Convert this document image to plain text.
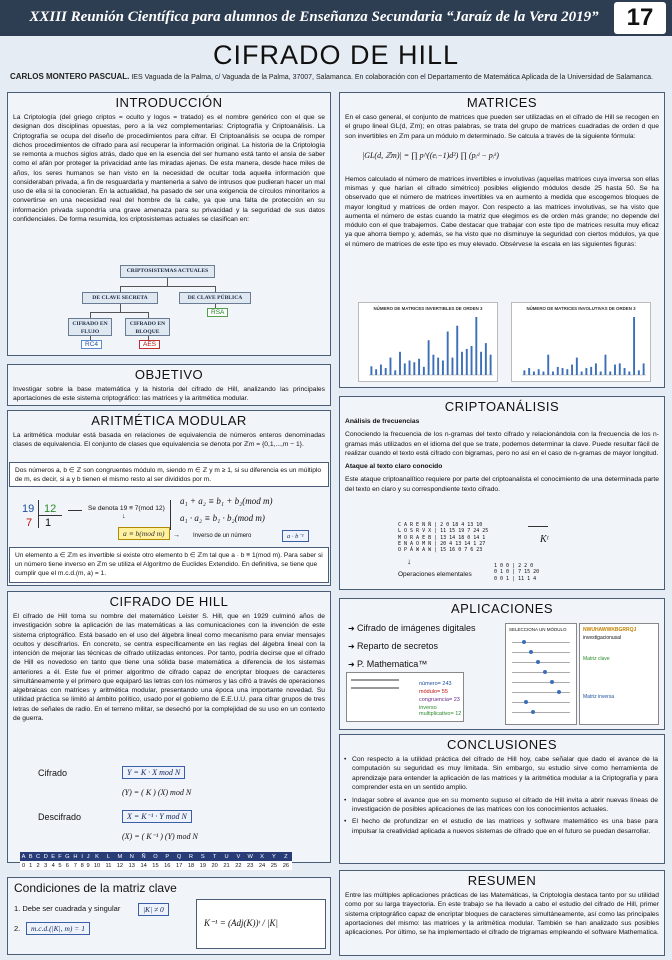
XXIII Reunión Científica para alumnos de Enseñanza Secundaria “Jaraíz de la Vera 2019”	17
CIFRADO DE HILL
CARLOS MONTERO PASCUAL. IES Vaguada de la Palma, c/ Vaguada de la Palma, 37007, Salamanca. En colaboración con el Departamento de Matemática Aplicada de la Universidad de Salamanca.
INTRODUCCIÓN
La Criptología (del griego criptos = oculto y logos = tratado) es el nombre genérico con el que se designan dos disciplinas opuestas, pero a la vez complementarias: Criptografía y Criptoanálisis. La Criptografía se ocupa del diseño de procedimientos para cifrar. El Criptoanálisis se ocupa de romper dichos procedimientos de cifrado para así recuperar la información original. La historia de la Criptología se remonta a muchos siglos atrás, dado que en la esencia del ser humano está tanto el ansia de saber como el afán por proteger la privacidad ante las miradas ajenas. De esta manera, desde hace miles de años, los seres humanos se han visto en la necesidad de ocultar toda aquella información que consideraban privada, a fin de resguardarla y mantenerla a salvo de intrusos que pudieran hacer un mal uso de ella si la conocieran. En la actualidad, ha pasado de ser una exigencia de círculos minoritarios a convertirse en una necesidad real del hombre de la calle, ya que una falta de protección en su información privada supondría una grave amenaza para su privacidad y la seguridad de sus datos confidenciales. De forma resumida, los criptosistemas actuales se clasifican en:
CRIPTOSISTEMAS ACTUALES
DE CLAVE SECRETA	DE CLAVE PÚBLICA
CIFRADO EN FLUJO
CIFRADO EN BLOQUE
RC4	AES
RSA
OBJETIVO
Investigar sobre la base matemática y la historia del cifrado de Hill, analizando las principales aportaciones de este sistema criptográfico: las matrices y la aritmética modular.
ARITMÉTICA MODULAR
La aritmética modular está basada en relaciones de equivalencia de números enteros denominadas clases de equivalencia. El conjunto de clases que equivalencia se denota por ℤm = {0,1,...,m − 1}.
Dos números a, b ∈ ℤ son congruentes módulo m, siendo m ∈ ℤ y m ≥ 1, si su diferencia es un múltiplo de m, es decir, si a y b tienen el mismo resto al ser divididos por m.
19 12
7 1
Se denota 19 ≡ 7(mod 12)
↓
a ≡ b(mod m)
a₁ + a₂ ≡ b₁ + b₂(mod m)
a₁ · a₂ ≡ b₁ · b₂(mod m)
→ Inverso de un número	a · b⁻¹
Un elemento a ∈ ℤm es invertible si existe otro elemento b ∈ ℤm tal que a · b ≡ 1(mod m). Para saber si un número tiene inverso en ℤm se utiliza el Algoritmo de Euclides Extendido. En definitiva, se tiene que cumplir que el m.c.d.(m, a) = 1.
CIFRADO DE HILL
El cifrado de Hill toma su nombre del matemático Leister S. Hill, que en 1929 culminó años de investigación sobre la aplicación de las matemáticas a las comunicaciones con la invención de este sistema criptográfico. Está basado en el uso del álgebra lineal como mecanismo para enviar mensajes ocultos y descifrarlos. En concreto, se centra específicamente en las reglas del álgebra lineal con la intención de mejorar las técnicas de cifrado utilizadas entonces. Por tanto, podría decirse que el cifrado de Hill es novedoso en tanto que tiene una sólida base matemática a diferencia de los sistemas anteriores a él. Este fue el primer algoritmo de cifrado capaz de encriptar bloques de caracteres simultáneamente y el primero que equiparó las letras con los números y las cifró a través de operaciones algebraicas con matrices y aritmética modular, presentando una época una importante novedad. Su utilidad práctica se limitó al ámbito político, usado por el gobierno de E.E.U.U. para cifrar grupos de tres letras de señales de radio. En el terreno militar, se desechó por la complejidad de su uso en un contexto de guerra.
Cifrado	Y = K · X mod N
(Y) = ( K ) (X) mod N
Descifrado	X = K⁻¹ · Y mod N
(X) = ( K⁻¹ ) (Y) mod N
A	B	C	D	E	F	G	H	I	J	K	L	M	N	Ñ	O	P	Q	R	S	T	U	V	W	X	Y	Z
0	1	2	3	4	5	6	7	8	9	10	11	12	13	14	15	16	17	18	19	20	21	22	23	24	25	26
Condiciones de la matriz clave
1. Debe ser cuadrada y singular	|K| ≠ 0
2.	m.c.d.(|K|, m) = 1
K⁻¹ = (Adj(K))ᵗ / |K|
MATRICES
En el caso general, el conjunto de matrices que pueden ser utilizadas en el cifrado de Hill se recogen en el grupo lineal GL(d, ℤm); en otras palabras, se trata del grupo de matrices cuadradas de orden d que son invertibles en ℤm para un módulo m determinado. Se calcula a través de la siguiente fórmula:
|GL(d, ℤm)| = ∏ p^((eᵢ−1)d²) ∏ (pᵢᵈ − pᵢᵏ)
Hemos calculado el número de matrices invertibles e involutivas (aquellas matrices cuya inversa son ellas mismas y que harían el cifrado simétrico) posibles eligiendo módulos desde 25 hasta 50. Se ha observado que el número de matrices invertibles va en aumento a medida que escogemos bloques de mayor longitud y matrices de orden mayor. Con respecto a las matrices involutivas, se ha visto que aumenta el número de estas cuando la matriz que elegimos es de orden más grande; no depende del módulo con el que trabajemos. Cabe destacar que trabajar con este tipo de matrices resulta muy eficaz ya que ahorra tiempo y, además, se ha visto que no disminuye la seguridad con ciertos módulos, ya que el número de matrices de este tipo es muy elevado. Obsérvese la escala en las siguientes figuras:
NÚMERO DE MATRICES INVERTIBLES DE ORDEN 3	NÚMERO DE MATRICES INVOLUTIVAS DE ORDEN 3
CRIPTOANÁLISIS
Análisis de frecuencias
Conociendo la frecuencia de los n-gramas del texto cifrado y relacionándola con la frecuencia de los n-gramas más utilizados en el idioma del que se trate, podemos determinar la clave. Puede resultar fácil de realizar cuando el texto está cifrado con bigramas, pero no así en el caso de n-gramas de mayor longitud.
Ataque al texto claro conocido
Este ataque criptoanalítico requiere por parte del criptoanalista el conocimiento de una determinada parte del texto en claro y su correspondiente texto cifrado.
C A R E N Ñ | 2 0 18 4 13 10
L O S R V X | 11 15 19 7 24 25
M O R A E B | 13 14 18 0 14 1
E N A O M N | 20 4 13 14 1 27
O P Á W A W | 15 16 0 7 6 23
Kᵗ
↓
Operaciones elementales
1 0 0 | 2 2 0
0 1 0 | 7 15 20
0 0 1 | 11 1 4
APLICACIONES
➜ Cifrado de imágenes digitales
➜ Reparto de secretos
➜ P. Mathematica™
número= 243
módulo= 55
congruencia= 23
inverso multiplicativo= 12
SELECCIONA UN MÓDULO	NWUHAWWKBGRRQJ
investigacionusal
Matriz clave
Matriz inversa
CONCLUSIONES
• Con respecto a la utilidad práctica del cifrado de Hill hoy, cabe señalar que dado el avance de la computación su seguridad es muy limitada. Sin embargo, su estudio sirve como herramienta de aprendizaje para entender la aplicación de las matrices y la aritmética modular a la Criptografía y para comprender esta en un sentido amplio.
• Indagar sobre el avance que en su momento supuso el cifrado de Hill invita a abrir nuevas líneas de investigación de posibles aplicaciones de las matrices con los conocimientos actuales.
• El hecho de profundizar en el estudio de las matrices y software matemático es una base para impulsar la creatividad aplicada a nuevos sistemas de cifrado que en el futuro se puedan desarrollar.
RESUMEN
Entre las múltiples aplicaciones prácticas de las Matemáticas, la Criptología destaca tanto por su utilidad como por su larga trayectoria. En este trabajo se ha llevado a cabo el estudio del cifrado de Hill, primer sistema criptográfico capaz de encriptar bloques de caracteres simultáneamente, así como las principales aportaciones del mismo: las matrices y la aritmética modular. También se han analizado sus posibles aplicaciones. Por último, se ha implementado el cifrado de trigramas empleando el software Mathematica.
